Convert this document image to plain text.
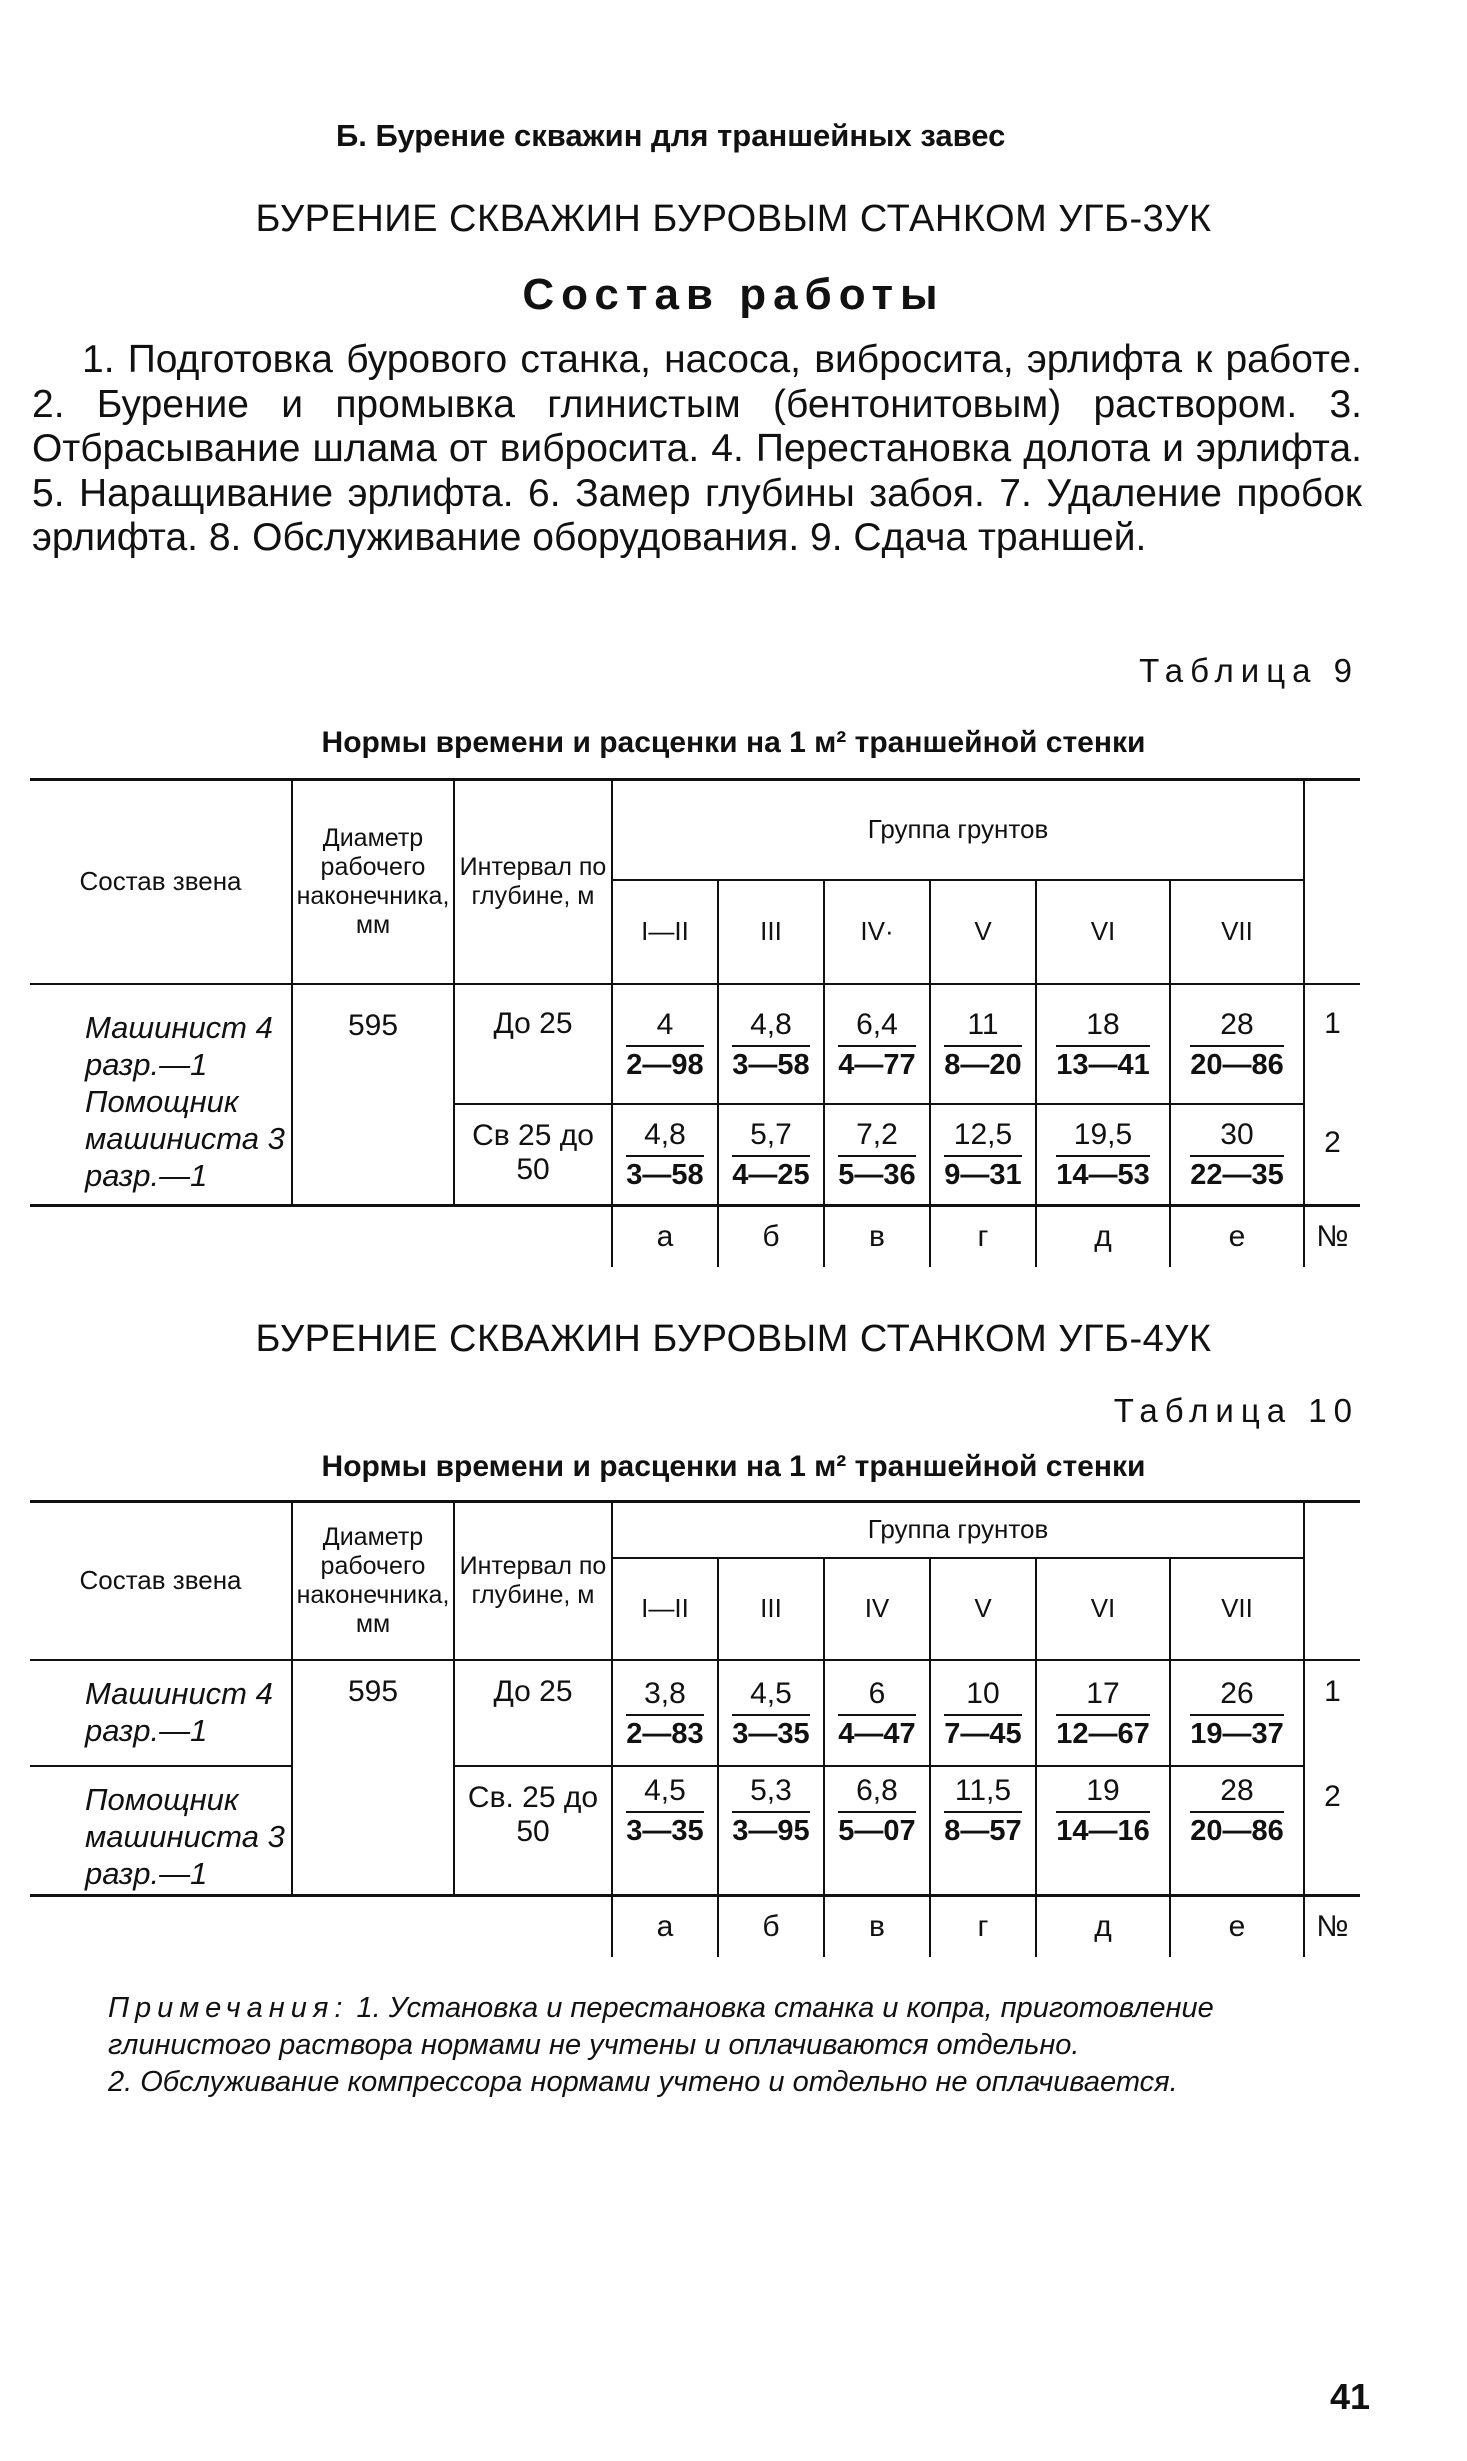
Б. Бурение скважин для траншейных завес
БУРЕНИЕ СКВАЖИН БУРОВЫМ СТАНКОМ УГБ-3УК
Состав работы

1. Подготовка бурового станка, насоса, вибросита, эрлифта к работе. 2. Бурение и промывка глинистым (бентонитовым) раствором. 3. Отбрасывание шлама от вибросита. 4. Перестановка долота и эрлифта. 5. Наращивание эрлифта. 6. Замер глубины забоя. 7. Удаление пробок эрлифта. 8. Обслуживание оборудования. 9. Сдача траншей.

Таблица 9
Нормы времени и расценки на 1 м² траншейной стенки
Состав звена	Диаметр рабочего наконечника, мм	Интервал по глубине, м	Группа грунтов						
			I—II	III	IV·	V	VI	VII	
Машинист 4 разр.—1 Помощник машиниста 3 разр.—1	595	До 25	$\frac{4}{2—98}$	$\frac{4,8}{3—58}$	$\frac{6,4}{4—77}$	$\frac{11}{8—20}$	$\frac{18}{13—41}$	$\frac{28}{20—86}$	1
		Св 25 до 50	$\frac{4,8}{3—58}$	$\frac{5,7}{4—25}$	$\frac{7,2}{5—36}$	$\frac{12,5}{9—31}$	$\frac{19,5}{14—53}$	$\frac{30}{22—35}$	2
			а	б	в	г	д	е	№
БУРЕНИЕ СКВАЖИН БУРОВЫМ СТАНКОМ УГБ-4УК
Таблица 10
Нормы времени и расценки на 1 м² траншейной стенки
Состав звена	Диаметр рабочего наконечника, мм	Интервал по глубине, м	Группа грунтов						
			I—II	III	IV	V	VI	VII	
Машинист 4 разр.—1	595	До 25	$\frac{3,8}{2—83}$	$\frac{4,5}{3—35}$	$\frac{6}{4—47}$	$\frac{10}{7—45}$	$\frac{17}{12—67}$	$\frac{26}{19—37}$	1
Помощник машиниста 3 разр.—1		Св. 25 до 50	$\frac{4,5}{3—35}$	$\frac{5,3}{3—95}$	$\frac{6,8}{5—07}$	$\frac{11,5}{8—57}$	$\frac{19}{14—16}$	$\frac{28}{20—86}$	2
			а	б	в	г	д	е	№

Примечания: 1. Установка и перестановка станка и копра, приготовление глинистого раствора нормами не учтены и оплачиваются отдельно.

2. Обслуживание компрессора нормами учтено и отдельно не оплачивается.

41
